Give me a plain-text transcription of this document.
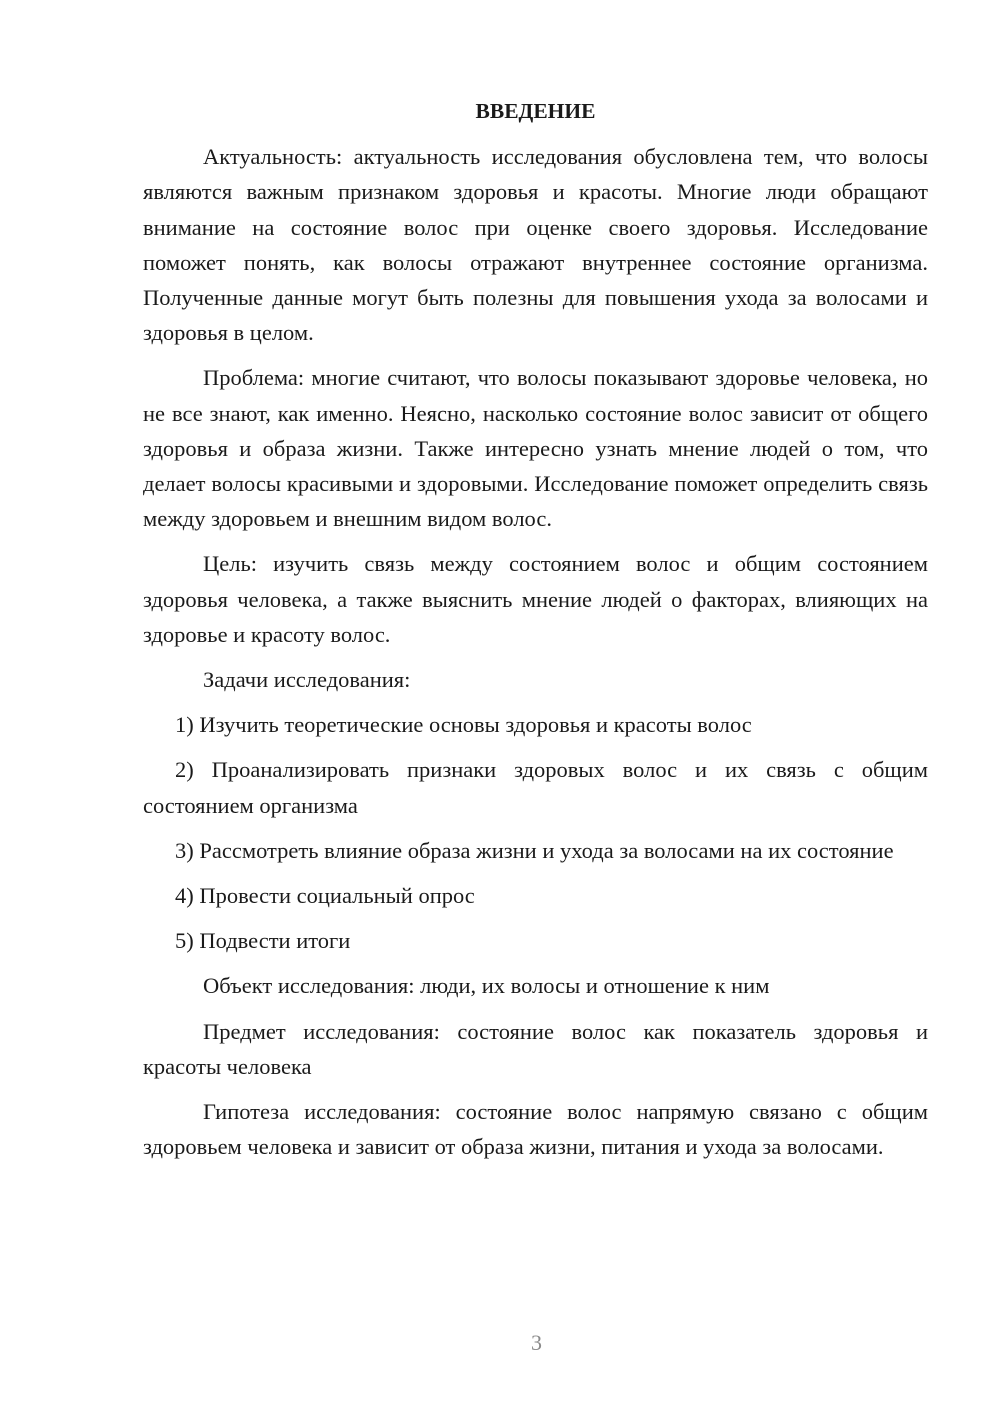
ВВЕДЕНИЕ

Актуальность: актуальность исследования обусловлена тем, что волосы являются важным признаком здоровья и красоты. Многие люди обращают внимание на состояние волос при оценке своего здоровья. Исследование поможет понять, как волосы отражают внутреннее состояние организма. Полученные данные могут быть полезны для повышения ухода за волосами и здоровья в целом.

Проблема: многие считают, что волосы показывают здоровье человека, но не все знают, как именно. Неясно, насколько состояние волос зависит от общего здоровья и образа жизни. Также интересно узнать мнение людей о том, что делает волосы красивыми и здоровыми. Исследование поможет определить связь между здоровьем и внешним видом волос.

Цель: изучить связь между состоянием волос и общим состоянием здоровья человека, а также выяснить мнение людей о факторах, влияющих на здоровье и красоту волос.

Задачи исследования:

1) Изучить теоретические основы здоровья и красоты волос

2) Проанализировать признаки здоровых волос и их связь с общим состоянием организма

3) Рассмотреть влияние образа жизни и ухода за волосами на их состояние

4) Провести социальный опрос

5) Подвести итоги

Объект исследования: люди, их волосы и отношение к ним

Предмет исследования: состояние волос как показатель здоровья и красоты человека

Гипотеза исследования: состояние волос напрямую связано с общим здоровьем человека и зависит от образа жизни, питания и ухода за волосами.

3
